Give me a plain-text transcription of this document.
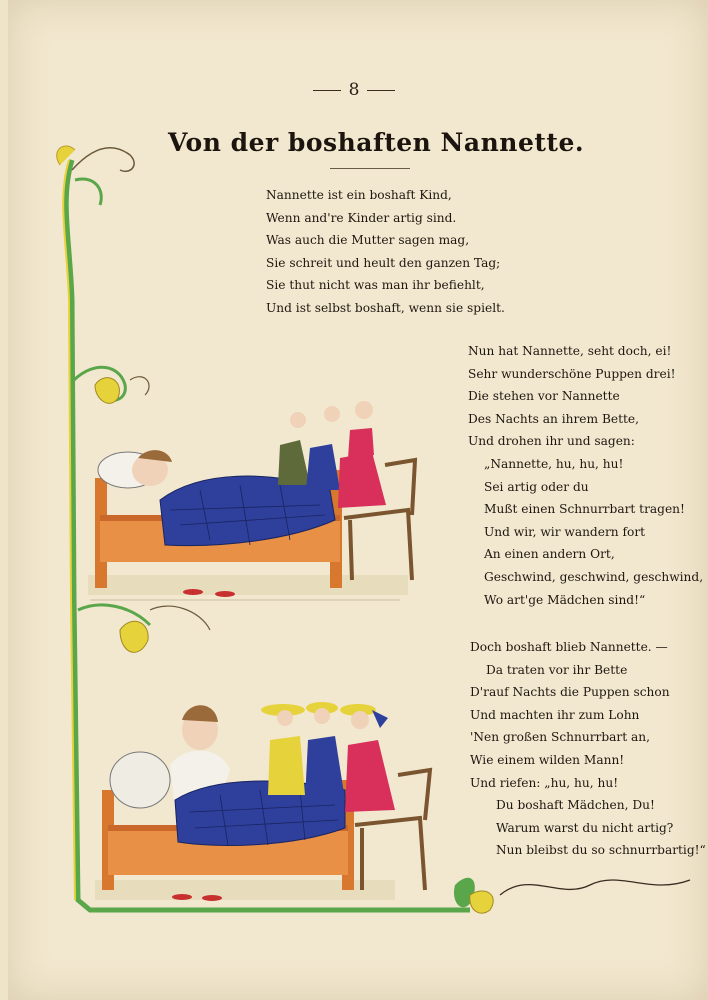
8
Von der boshaften Nannette.
Nannette ist ein boshaft Kind,
Wenn and're Kinder artig sind.
Was auch die Mutter sagen mag,
Sie schreit und heult den ganzen Tag;
Sie thut nicht was man ihr befiehlt,
Und ist selbst boshaft, wenn sie spielt.
Nun hat Nannette, seht doch, ei!
Sehr wunderschöne Puppen drei!
Die stehen vor Nannette
Des Nachts an ihrem Bette,
Und drohen ihr und sagen:
„Nannette, hu, hu, hu!
Sei artig oder du
Mußt einen Schnurrbart tragen!
Und wir, wir wandern fort
An einen andern Ort,
Geschwind, geschwind, geschwind,
Wo art'ge Mädchen sind!“
Doch boshaft blieb Nannette. —
Da traten vor ihr Bette
D'rauf Nachts die Puppen schon
Und machten ihr zum Lohn
'Nen großen Schnurrbart an,
Wie einem wilden Mann!
Und riefen: „hu, hu, hu!
Du boshaft Mädchen, Du!
Warum warst du nicht artig?
Nun bleibst du so schnurrbartig!“
